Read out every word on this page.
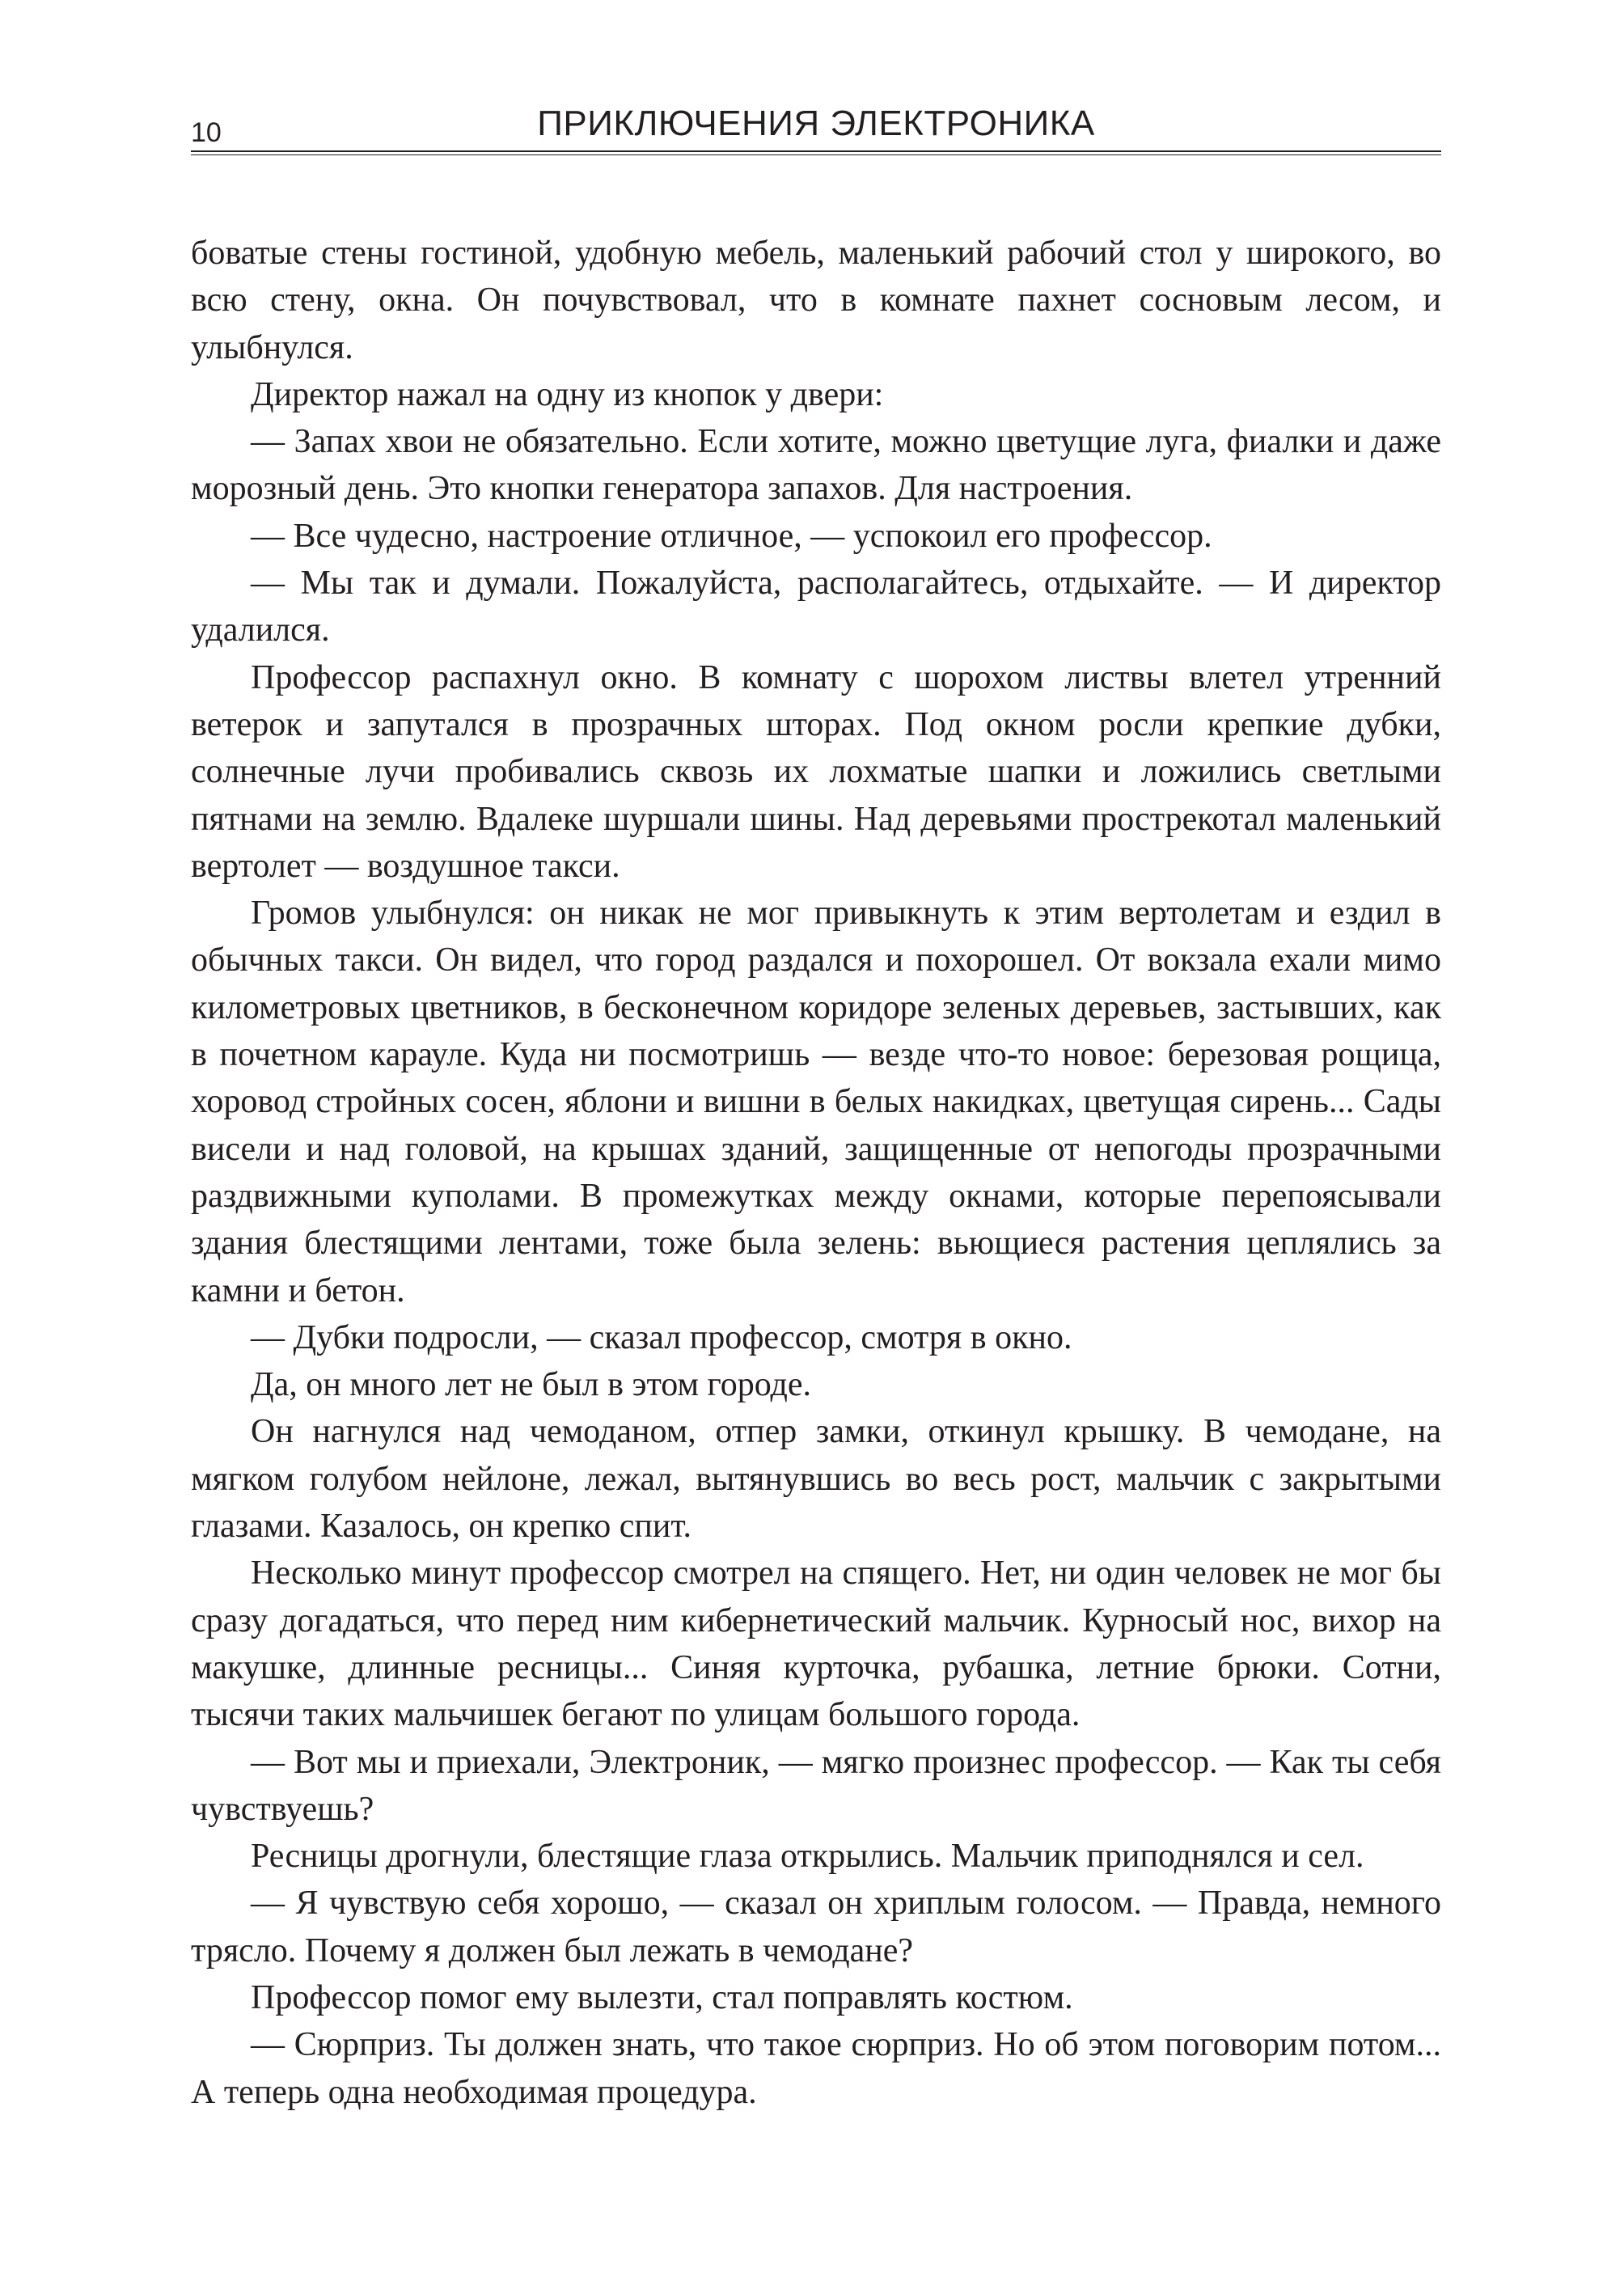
10	ПРИКЛЮЧЕНИЯ ЭЛЕКТРОНИКА

боватые стены гостиной, удобную мебель, маленький рабочий стол у широкого, во всю стену, окна. Он почувствовал, что в комнате пахнет сосновым лесом, и улыбнулся.

Директор нажал на одну из кнопок у двери:

— Запах хвои не обязательно. Если хотите, можно цветущие луга, фиалки и даже морозный день. Это кнопки генератора запахов. Для настроения.

— Все чудесно, настроение отличное, — успокоил его профессор.

— Мы так и думали. Пожалуйста, располагайтесь, отдыхайте. — И директор удалился.

Профессор распахнул окно. В комнату с шорохом листвы влетел утренний ветерок и запутался в прозрачных шторах. Под окном росли крепкие дубки, солнечные лучи пробивались сквозь их лохматые шапки и ложились светлыми пятнами на землю. Вдалеке шуршали шины. Над деревьями прострекотал маленький вертолет — воздушное такси.

Громов улыбнулся: он никак не мог привыкнуть к этим вертолетам и ездил в обычных такси. Он видел, что город раздался и похорошел. От вокзала ехали мимо километровых цветников, в бесконечном коридоре зеленых деревьев, застывших, как в почетном карауле. Куда ни посмотришь — везде что-то новое: березовая рощица, хоровод стройных сосен, яблони и вишни в белых накидках, цветущая сирень... Сады висели и над головой, на крышах зданий, защищенные от непогоды прозрачными раздвижными куполами. В промежутках между окнами, которые перепоясывали здания блестящими лентами, тоже была зелень: вьющиеся растения цеплялись за камни и бетон.

— Дубки подросли, — сказал профессор, смотря в окно.

Да, он много лет не был в этом городе.

Он нагнулся над чемоданом, отпер замки, откинул крышку. В чемодане, на мягком голубом нейлоне, лежал, вытянувшись во весь рост, мальчик с закрытыми глазами. Казалось, он крепко спит.

Несколько минут профессор смотрел на спящего. Нет, ни один человек не мог бы сразу догадаться, что перед ним кибернетический мальчик. Курносый нос, вихор на макушке, длинные ресницы... Синяя курточка, рубашка, летние брюки. Сотни, тысячи таких мальчишек бегают по улицам большого города.

— Вот мы и приехали, Электроник, — мягко произнес профессор. — Как ты себя чувствуешь?

Ресницы дрогнули, блестящие глаза открылись. Мальчик приподнялся и сел.

— Я чувствую себя хорошо, — сказал он хриплым голосом. — Правда, немного трясло. Почему я должен был лежать в чемодане?

Профессор помог ему вылезти, стал поправлять костюм.

— Сюрприз. Ты должен знать, что такое сюрприз. Но об этом поговорим потом... А теперь одна необходимая процедура.
